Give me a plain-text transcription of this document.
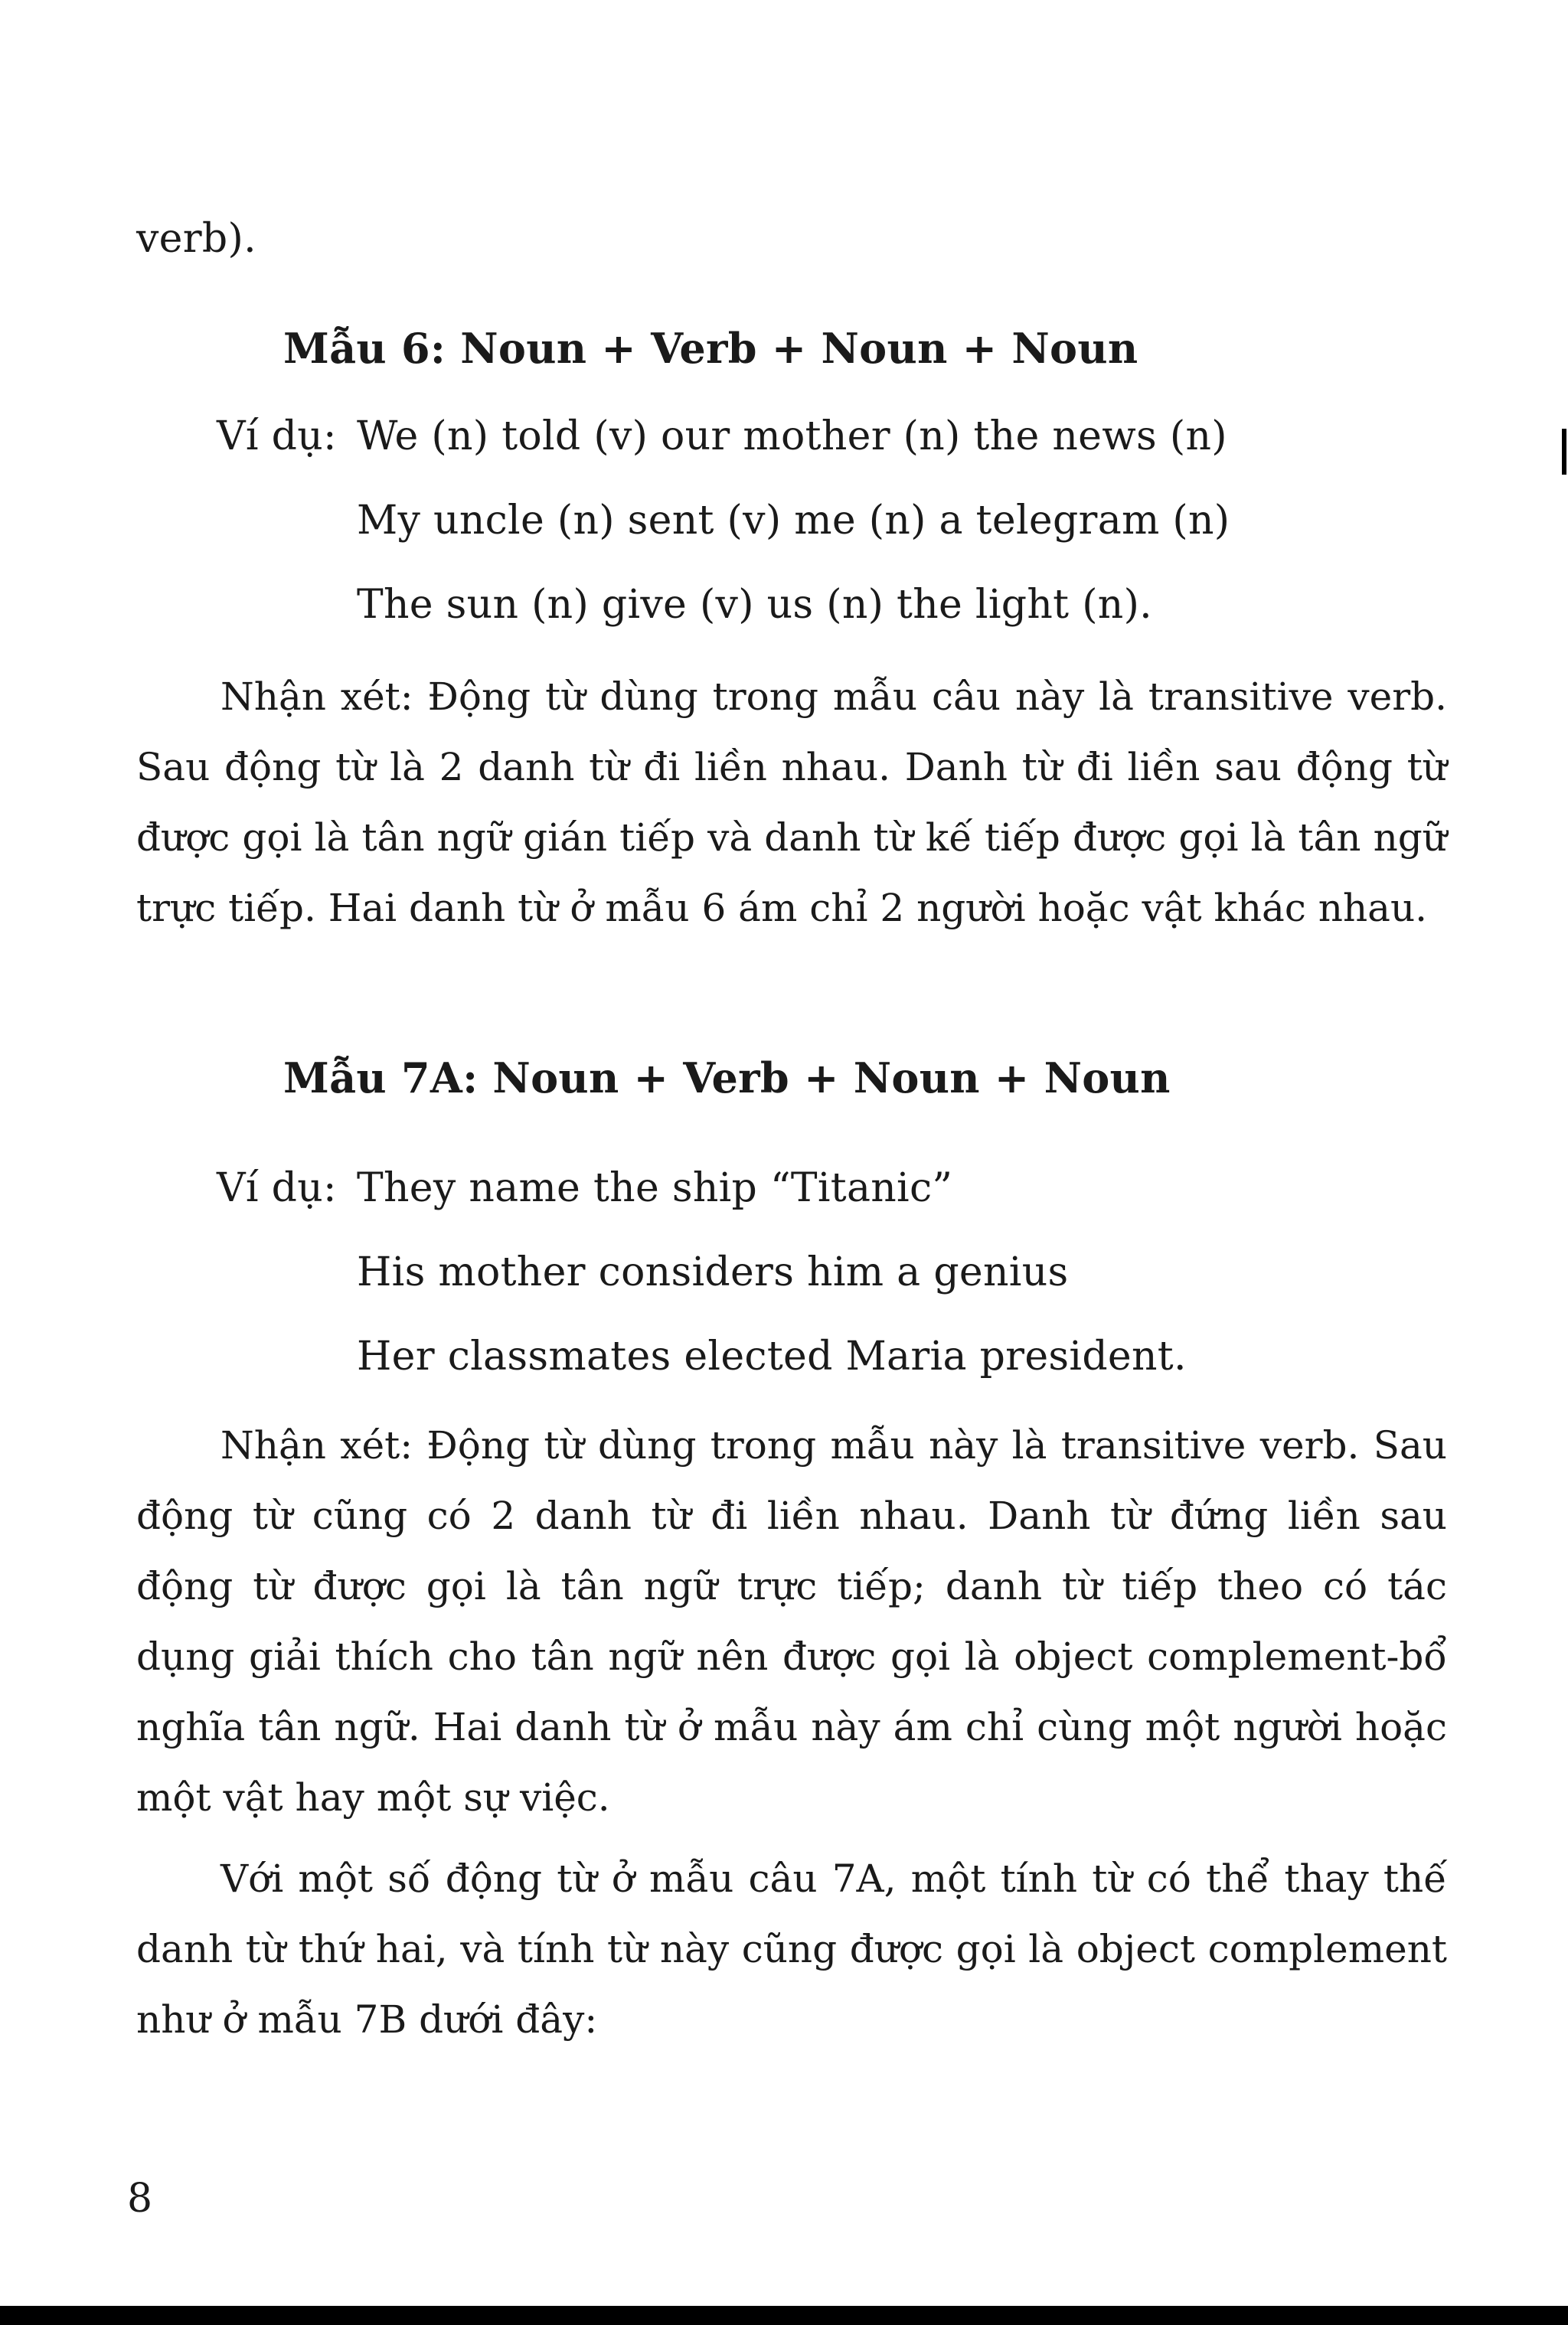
verb).
Mẫu 6: Noun + Verb + Noun + Noun
Ví dụ: We (n) told (v) our mother (n) the news (n)
My uncle (n) sent (v) me (n) a telegram (n)
The sun (n) give (v) us (n) the light (n).
Nhận xét: Động từ dùng trong mẫu câu này là transitive verb. Sau động từ là 2 danh từ đi liền nhau. Danh từ đi liền sau động từ được gọi là tân ngữ gián tiếp và danh từ kế tiếp được gọi là tân ngữ trực tiếp. Hai danh từ ở mẫu 6 ám chỉ 2 người hoặc vật khác nhau.
Mẫu 7A: Noun + Verb + Noun + Noun
Ví dụ: They name the ship “Titanic”
His mother considers him a genius
Her classmates elected Maria president.
Nhận xét: Động từ dùng trong mẫu này là transitive verb. Sau động từ cũng có 2 danh từ đi liền nhau. Danh từ đứng liền sau động từ được gọi là tân ngữ trực tiếp; danh từ tiếp theo có tác dụng giải thích cho tân ngữ nên được gọi là object complement-bổ nghĩa tân ngữ. Hai danh từ ở mẫu này ám chỉ cùng một người hoặc một vật hay một sự việc.
Với một số động từ ở mẫu câu 7A, một tính từ có thể thay thế danh từ thứ hai, và tính từ này cũng được gọi là object complement như ở mẫu 7B dưới đây:
8
